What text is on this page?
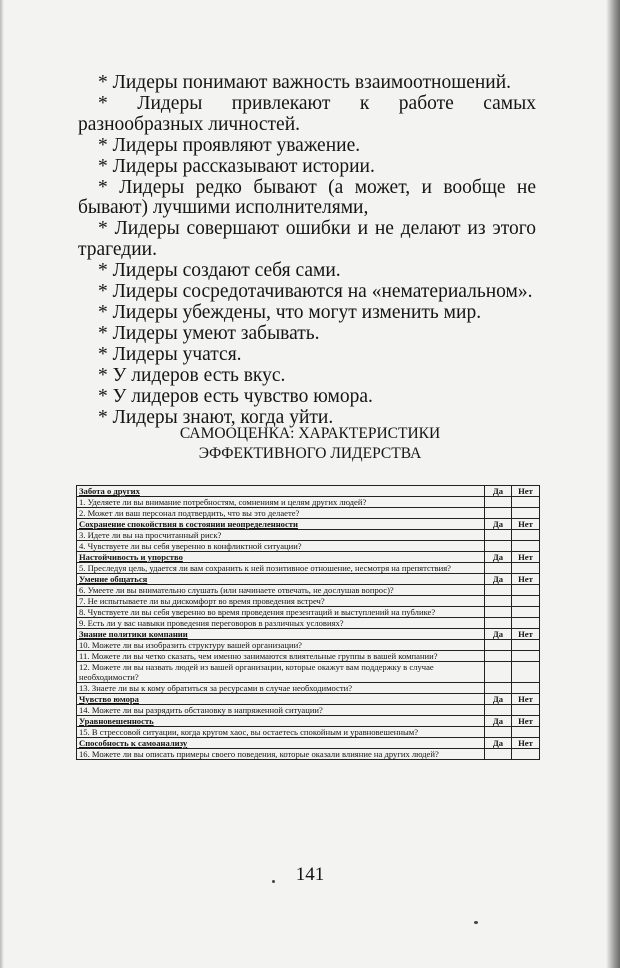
* Лидеры понимают важность взаимоотношений.

* Лидеры привлекают к работе самых разнообразных личностей.

* Лидеры проявляют уважение.

* Лидеры рассказывают истории.

* Лидеры редко бывают (а может, и вообще не бывают) лучшими исполнителями,

* Лидеры совершают ошибки и не делают из этого трагедии.

* Лидеры создают себя сами.

* Лидеры сосредотачиваются на «нематериальном».

* Лидеры убеждены, что могут изменить мир.

* Лидеры умеют забывать.

* Лидеры учатся.

* У лидеров есть вкус.

* У лидеров есть чувство юмора.

* Лидеры знают, когда уйти.

САМООЦЕНКА: ХАРАКТЕРИСТИКИ
ЭФФЕКТИВНОГО ЛИДЕРСТВА
Забота о других	Да	Нет
1. Уделяете ли вы внимание потребностям, сомнениям и целям других людей?		
2. Может ли ваш персонал подтвердить, что вы это делаете?		
Сохранение спокойствия в состоянии неопределенности	Да	Нет
3. Идете ли вы на просчитанный риск?		
4. Чувствуете ли вы себя уверенно в конфликтной ситуации?		
Настойчивость и упорство	Да	Нет
5. Преследуя цель, удается ли вам сохранить к ней позитивное отношение, несмотря на препятствия?		
Умение общаться	Да	Нет
6. Умеете ли вы внимательно слушать (или начинаете отвечать, не дослушав вопрос)?		
7. Не испытываете ли вы дискомфорт во время проведения встреч?		
8. Чувствуете ли вы себя уверенно во время проведения презентаций и выступлений на публике?		
9. Есть ли у вас навыки проведения переговоров в различных условиях?		
Знание политики компании	Да	Нет
10. Можете ли вы изобразить структуру вашей организации?		
11. Можете ли вы четко сказать, чем именно занимаются влиятельные группы в вашей компании?		
12. Можете ли вы назвать людей из вашей организации, которые окажут вам поддержку в случае необходимости?		
13. Знаете ли вы к кому обратиться за ресурсами в случае необходимости?		
Чувство юмора	Да	Нет
14. Можете ли вы разрядить обстановку в напряженной ситуации?		
Уравновешенность	Да	Нет
15. В стрессовой ситуации, когда кругом хаос, вы остаетесь спокойным и уравновешенным?		
Способность к самоанализу	Да	Нет
16. Можете ли вы описать примеры своего поведения, которые оказали влияние на других людей?		
141
